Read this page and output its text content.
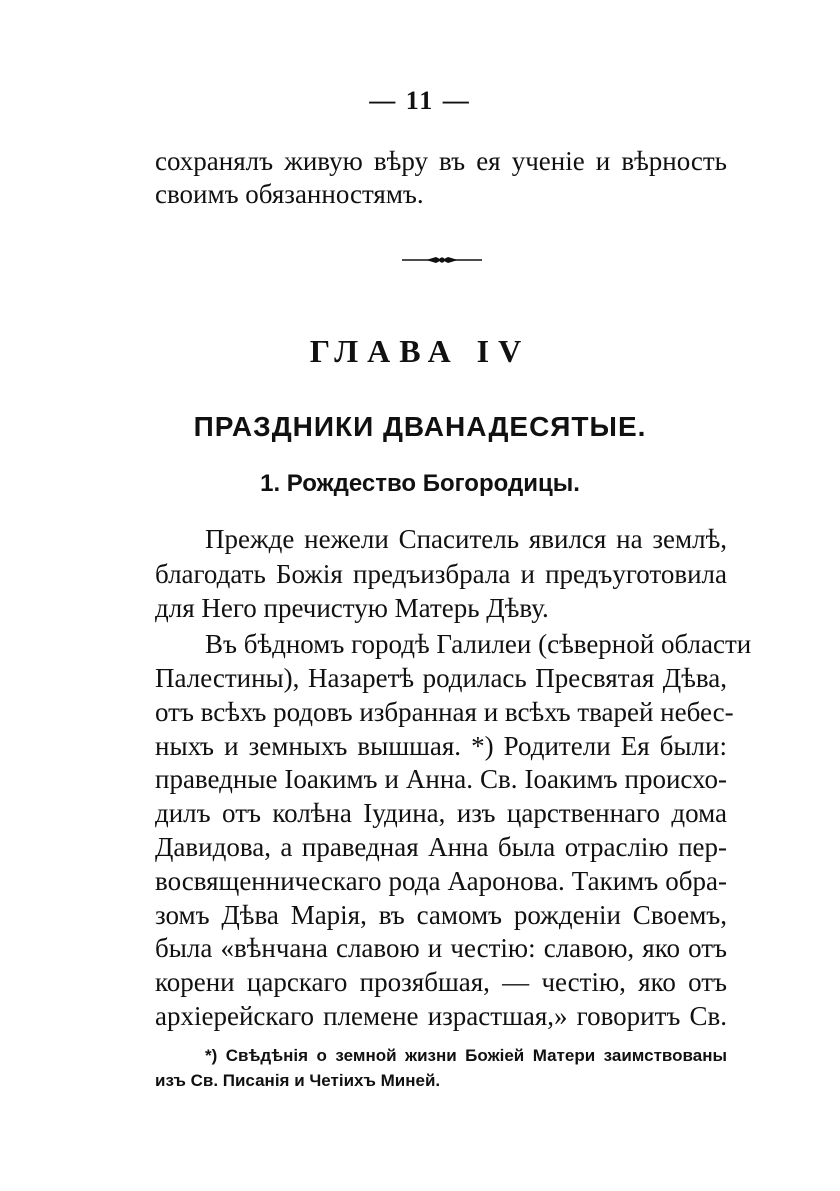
— 11 —
сохранялъ живую вѣру въ ея ученіе и вѣрность
своимъ обязанностямъ.
ГЛАВА IV
ПРАЗДНИКИ ДВАНАДЕСЯТЫЕ.
1. Рождество Богородицы.
Прежде нежели Спаситель явился на землѣ,
благодать Божія предъизбрала и предъуготовила
для Него пречистую Матерь Дѣву.
Въ бѣдномъ городѣ Галилеи (сѣверной области
Палестины), Назаретѣ родилась Пресвятая Дѣва,
отъ всѣхъ родовъ избранная и всѣхъ тварей небес-
ныхъ и земныхъ вышшая. *) Родители Ея были:
праведные Іоакимъ и Анна. Св. Іоакимъ происхо-
дилъ отъ колѣна Іудина, изъ царственнаго дома
Давидова, а праведная Анна была отраслію пер-
восвященническаго рода Ааронова. Такимъ обра-
зомъ Дѣва Марія, въ самомъ рожденіи Своемъ,
была «вѣнчана славою и честію: славою, яко отъ
корени царскаго прозябшая, — честію, яко отъ
архіерейскаго племене израстшая,» говоритъ Св.
*) Свѣдѣнія о земной жизни Божіей Матери заимствованы
изъ Св. Писанія и Четіихъ Миней.
